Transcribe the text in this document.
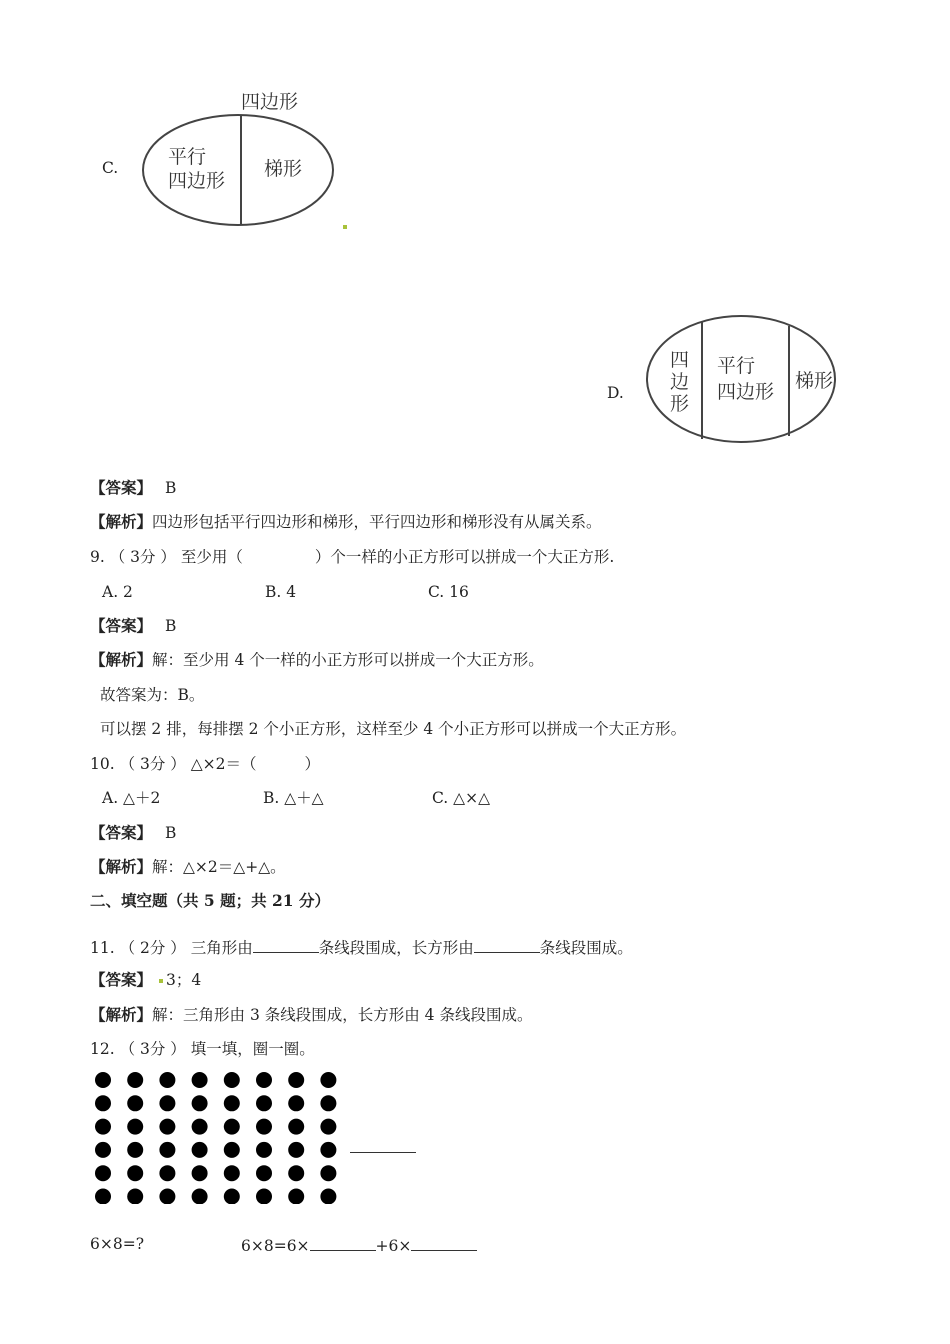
C.
四边形
平行
四边形
梯形
D.
四
边
形
平行
四边形 梯形
【答案】 B
【解析】四边形包括平行四边形和梯形，平行四边形和梯形没有从属关系。
9. （ 3分 ） 至少用（	）个一样的小正方形可以拼成一个大正方形.
A. 2	B. 4	C. 16
【答案】 B
【解析】解：至少用 4 个一样的小正方形可以拼成一个大正方形。
故答案为：B。
可以摆 2 排，每排摆 2 个小正方形，这样至少 4 个小正方形可以拼成一个大正方形。
10. （ 3分 ） △×2＝（	）
A. △＋2	B. △＋△	C. △×△
【答案】 B
【解析】解：△×2＝△+△。
二、填空题（共 5 题；共 21 分）
11. （ 2分 ） 三角形由	条线段围成，长方形由	条线段围成。
【答案】 3；4
【解析】解：三角形由 3 条线段围成，长方形由 4 条线段围成。
12. （ 3分 ） 填一填，圈一圈。
6×8=?	6×8=6×	+6×
